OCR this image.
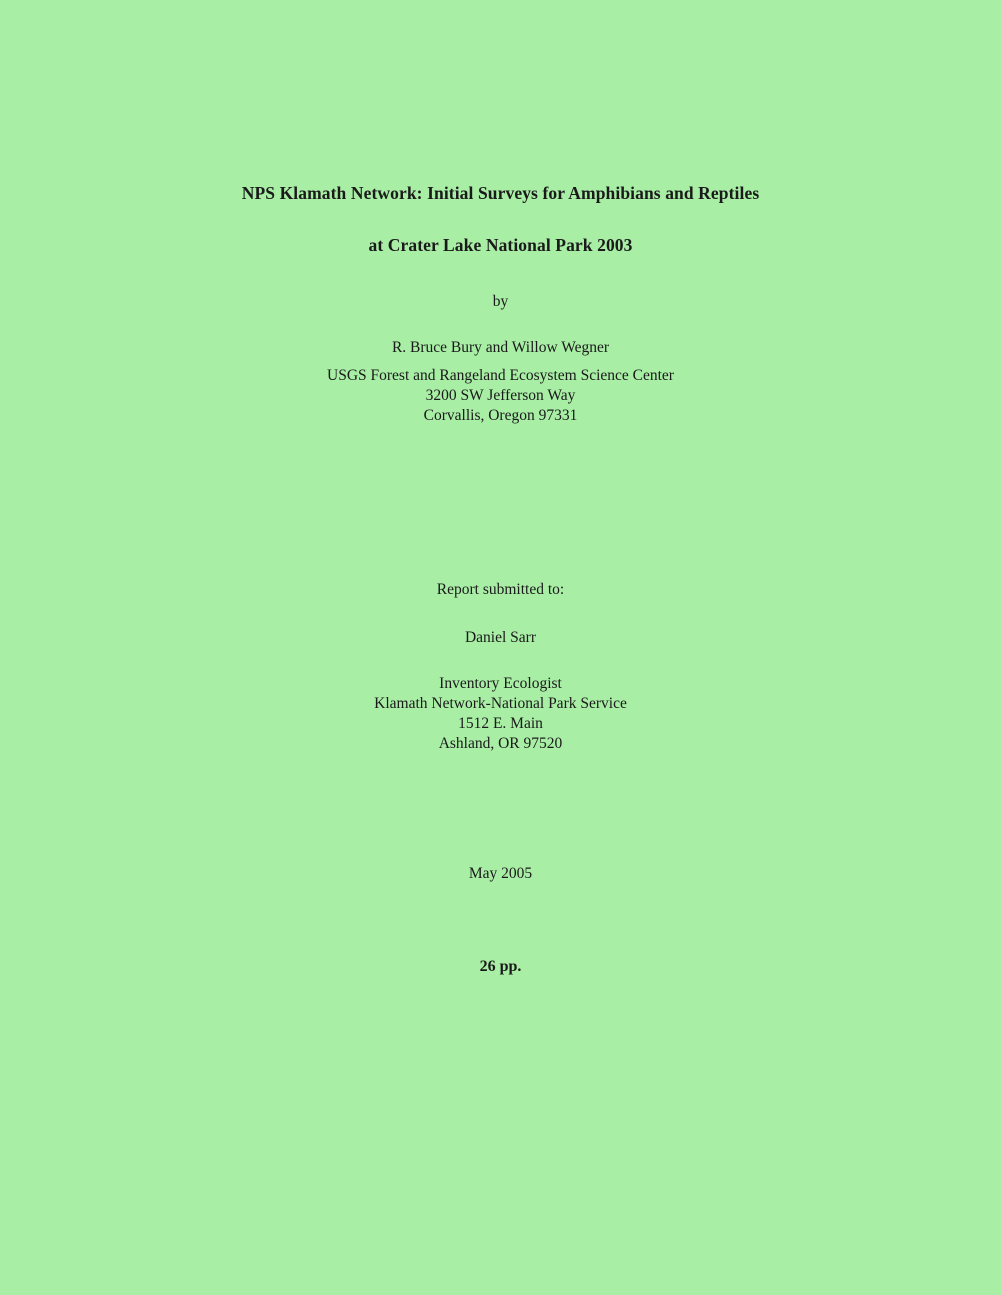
NPS Klamath Network: Initial Surveys for Amphibians and Reptiles
at Crater Lake National Park 2003
by
R. Bruce Bury and Willow Wegner
USGS Forest and Rangeland Ecosystem Science Center
3200 SW Jefferson Way
Corvallis, Oregon 97331
Report submitted to:
Daniel Sarr
Inventory Ecologist
Klamath Network-National Park Service
1512 E. Main
Ashland, OR 97520
May 2005
26 pp.
